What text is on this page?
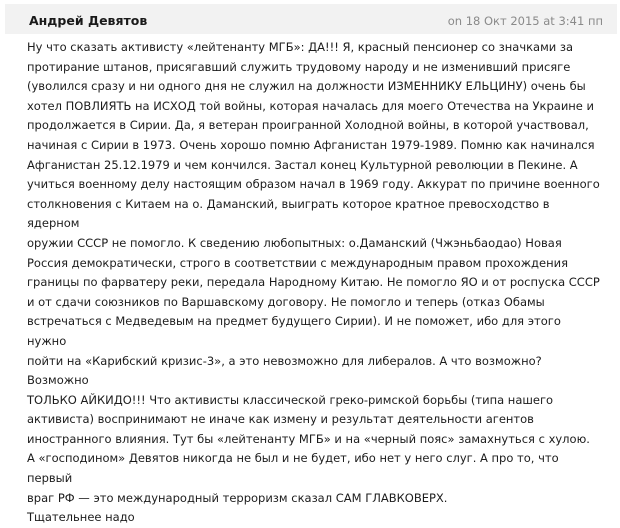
Андрей Девятов	on 18 Окт 2015 at 3:41 пп
Ну что сказать активисту «лейтенанту МГБ»: ДА!!! Я, красный пенсионер со значками за
протирание штанов, присягавший служить трудовому народу и не изменивший присяге
(уволился сразу и ни одного дня не служил на должности ИЗМЕННИКУ ЕЛЬЦИНУ) очень бы
хотел ПОВЛИЯТЬ на ИСХОД той войны, которая началась для моего Отечества на Украине и
продолжается в Сирии. Да, я ветеран проигранной Холодной войны, в которой участвовал,
начиная с Сирии в 1973. Очень хорошо помню Афганистан 1979-1989. Помню как начинался
Афганистан 25.12.1979 и чем кончился. Застал конец Культурной революции в Пекине. А
учиться военному делу настоящим образом начал в 1969 году. Аккурат по причине военного
столкновения с Китаем на о. Даманский, выиграть которое кратное превосходство в ядерном
оружии СССР не помогло. К сведению любопытных: о.Даманский (Чжэньбаодао) Новая
Россия демократически, строго в соответствии с международным правом прохождения
границы по фарватеру реки, передала Народному Китаю. Не помогло ЯО и от роспуска СССР
и от сдачи союзников по Варшавскому договору. Не помогло и теперь (отказ Обамы
встречаться с Медведевым на предмет будущего Сирии). И не поможет, ибо для этого нужно
пойти на «Карибский кризис-3», а это невозможно для либералов. А что возможно? Возможно
ТОЛЬКО АЙКИДО!!! Что активисты классической греко-римской борьбы (типа нашего
активиста) воспринимают не иначе как измену и результат деятельности агентов
иностранного влияния. Тут бы «лейтенанту МГБ» и на «черный пояс» замахнуться с хулою.
А «господином» Девятов никогда не был и не будет, ибо нет у него слуг. А про то, что первый
враг РФ — это международный терроризм сказал САМ ГЛАВКОВЕРХ.
Тщательнее надо
